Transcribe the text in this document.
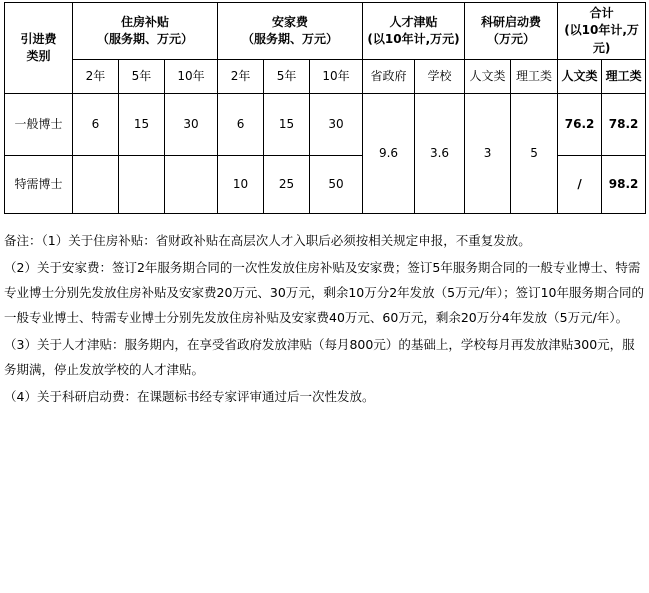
引进费
类别

住房补贴
（服务期、万元）

安家费
（服务期、万元）

人才津贴
(以10年计,万元)

科研启动费
（万元）

合计
(以10年计,万元)

	2年	5年	10年	2年	5年	10年	省政府	学校	人文类	理工类	人文类	理工类
一般博士	6	15	30	6	15	30	9.6	3.6	3	5	76.2	78.2
特需博士				10	25	50					/	98.2

备注：（1）关于住房补贴：省财政补贴在高层次人才入职后必须按相关规定申报，不重复发放。

（2）关于安家费：签订2年服务期合同的一次性发放住房补贴及安家费；签订5年服务期合同的一般专业博士、特需专业博士分别先发放住房补贴及安家费20万元、30万元，剩余10万分2年发放（5万元/年）；签订10年服务期合同的一般专业博士、特需专业博士分别先发放住房补贴及安家费40万元、60万元，剩余20万分4年发放（5万元/年）。

（3）关于人才津贴：服务期内，在享受省政府发放津贴（每月800元）的基础上，学校每月再发放津贴300元，服务期满，停止发放学校的人才津贴。

（4）关于科研启动费：在课题标书经专家评审通过后一次性发放。
